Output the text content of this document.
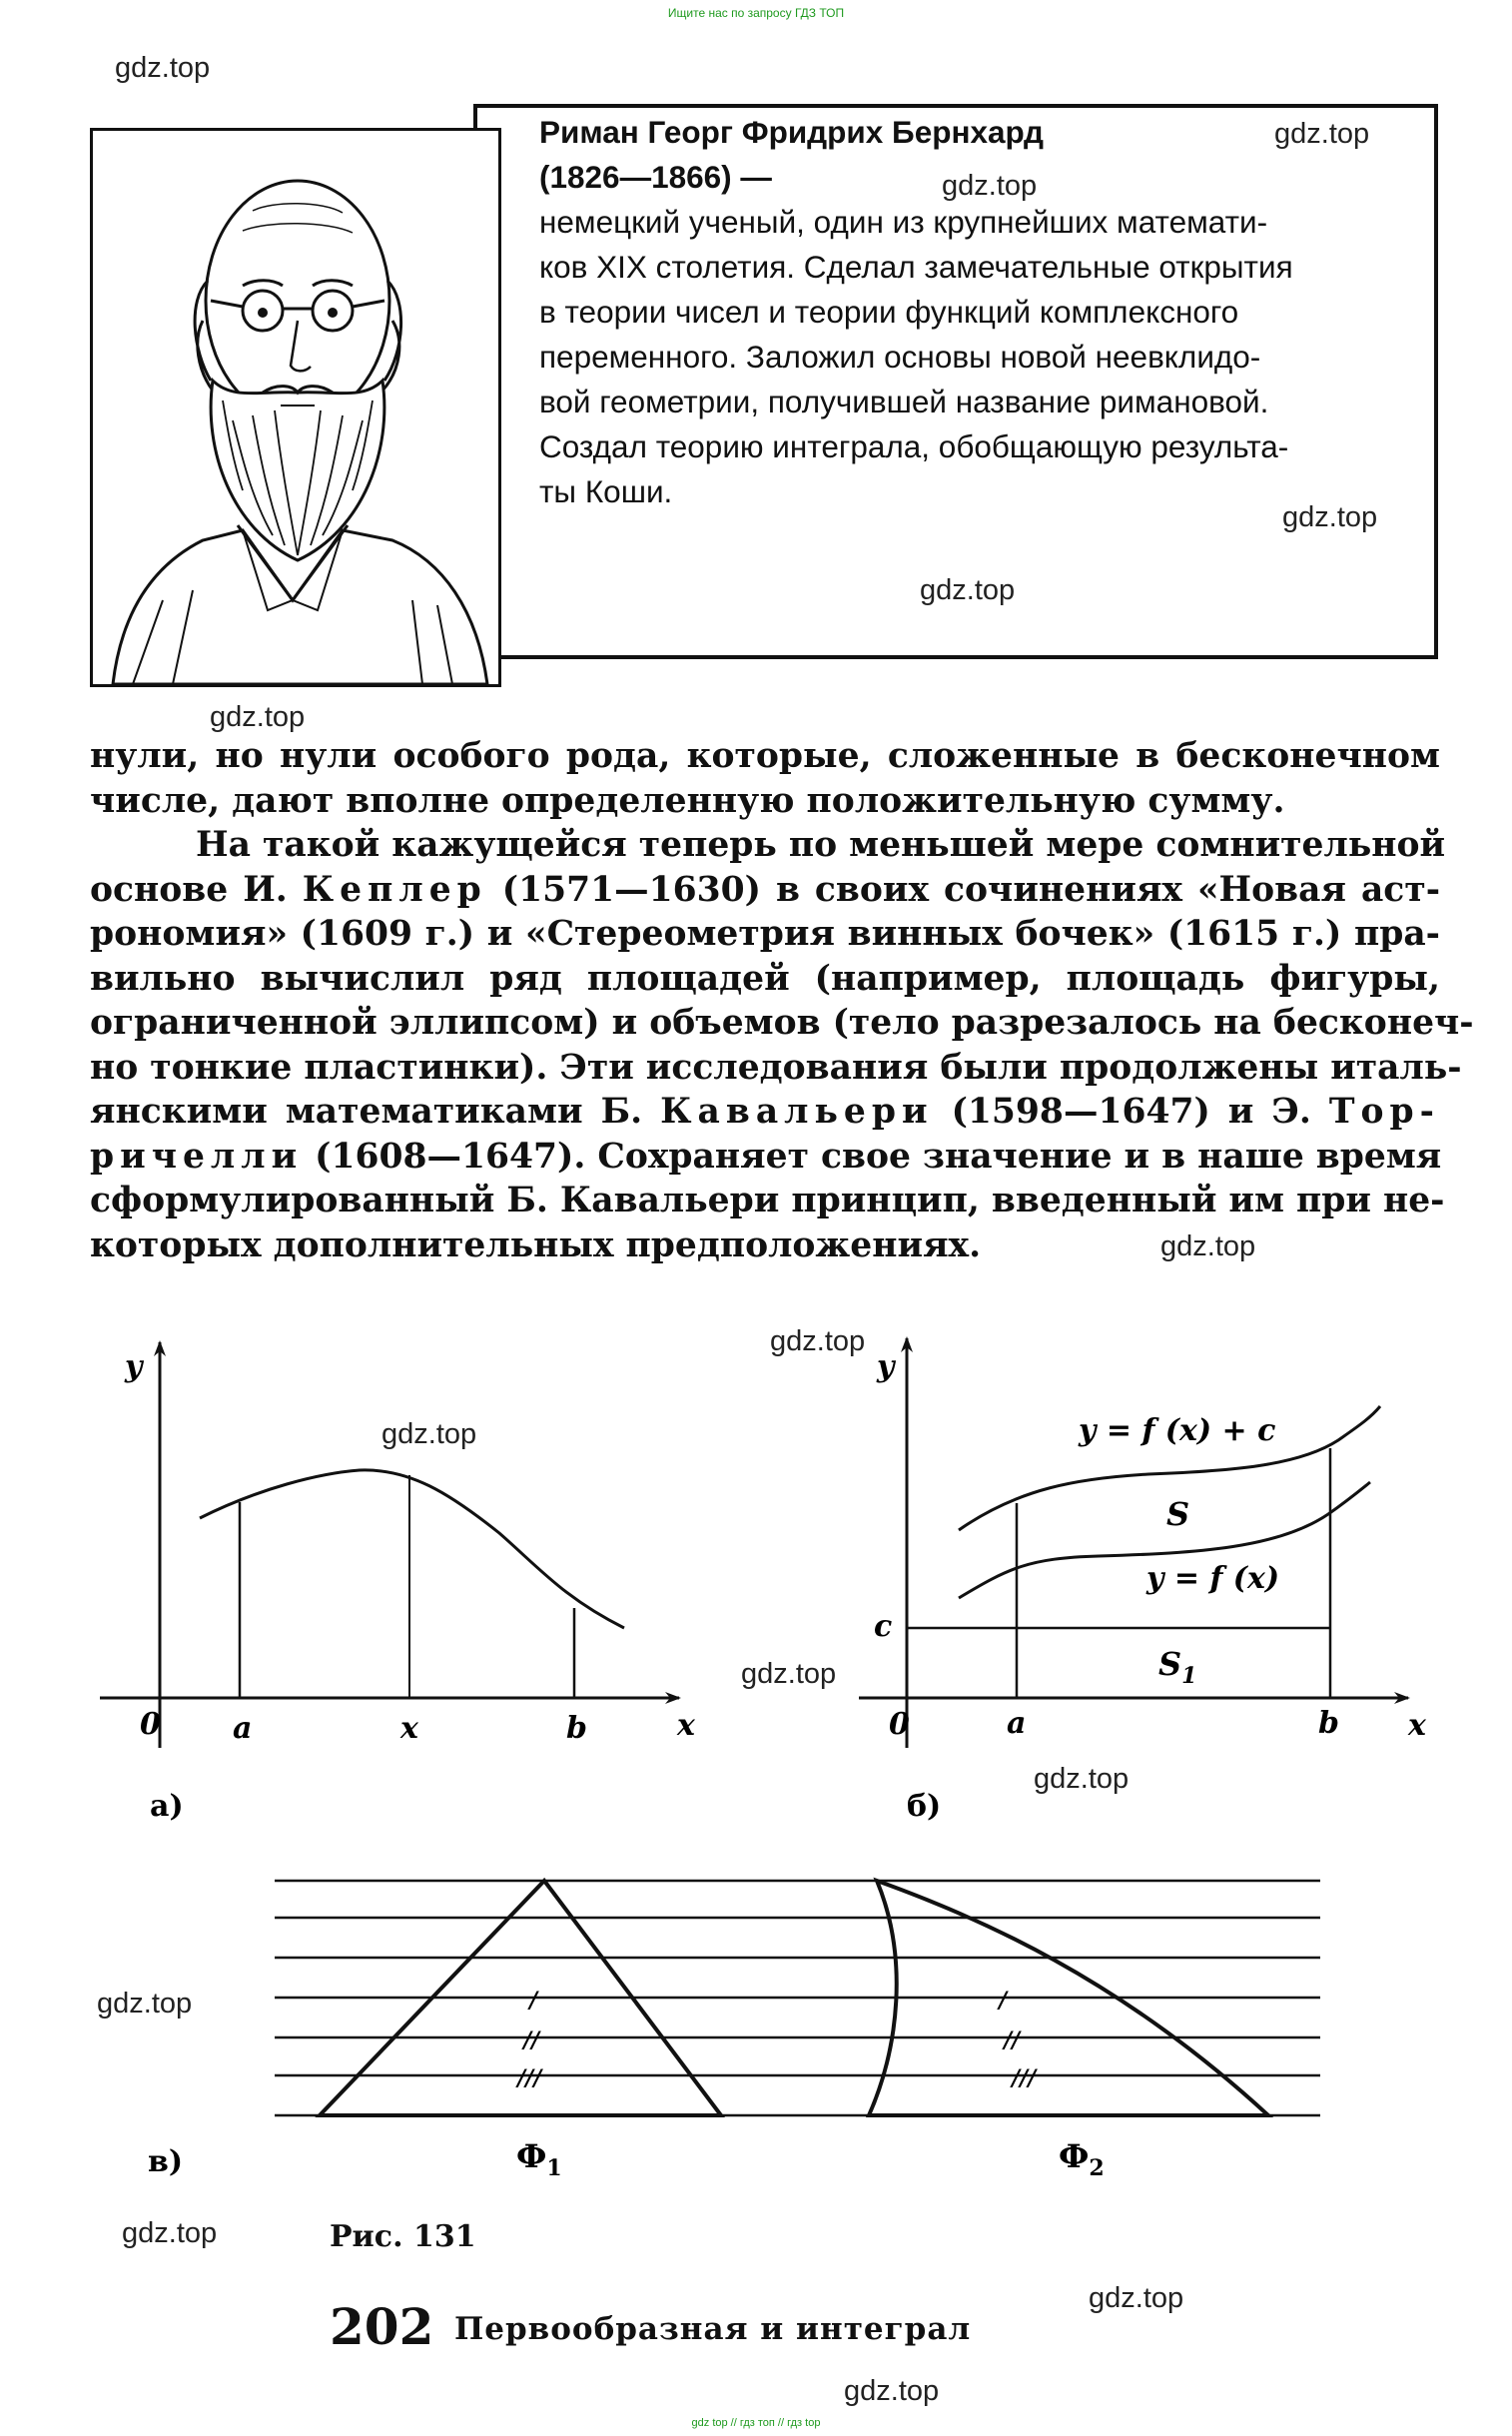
Ищите нас по запросу ГДЗ ТОП
Риман Георг Фридрих Бернхард
(1826—1866) —
немецкий ученый, один из крупнейших математи-
ков XIX столетия. Сделал замечательные открытия
в теории чисел и теории функций комплексного
переменного. Заложил основы новой неевклидо-
вой геометрии, получившей название римановой.
Создал теорию интеграла, обобщающую результа-
ты Коши.
нули, но нули особого рода, которые, сложенные в бесконечном
числе, дают вполне определенную положительную сумму.
На такой кажущейся теперь по меньшей мере сомнительной
основе И. Кеплер (1571—1630) в своих сочинениях «Новая аст-
рономия» (1609 г.) и «Стереометрия винных бочек» (1615 г.) пра-
вильно вычислил ряд площадей (например, площадь фигуры,
ограниченной эллипсом) и объемов (тело разрезалось на бесконеч-
но тонкие пластинки). Эти исследования были продолжены италь-
янскими математиками Б. Кавальери (1598—1647) и Э. Тор-
ричелли (1608—1647). Сохраняет свое значение и в наше время
сформулированный Б. Кавальери принцип, введенный им при не-
которых дополнительных предположениях.
0
y
x
a	x	b	0
y
x
c
a	b
y = f (x) + c
y = f (x)
S
$S_1$
а)	б)
/
//
///
/
//
///
$Ф_1$	$Ф_2$
в)
Рис. 131
202 Первообразная и интеграл
gdz.top
gdz.top
gdz.top
gdz.top
gdz.top
gdz.top
gdz.top
gdz.top
gdz.top
gdz.top
gdz.top
gdz.top
gdz.top
gdz.top
gdz.top
gdz top // гдз топ // гдз top
